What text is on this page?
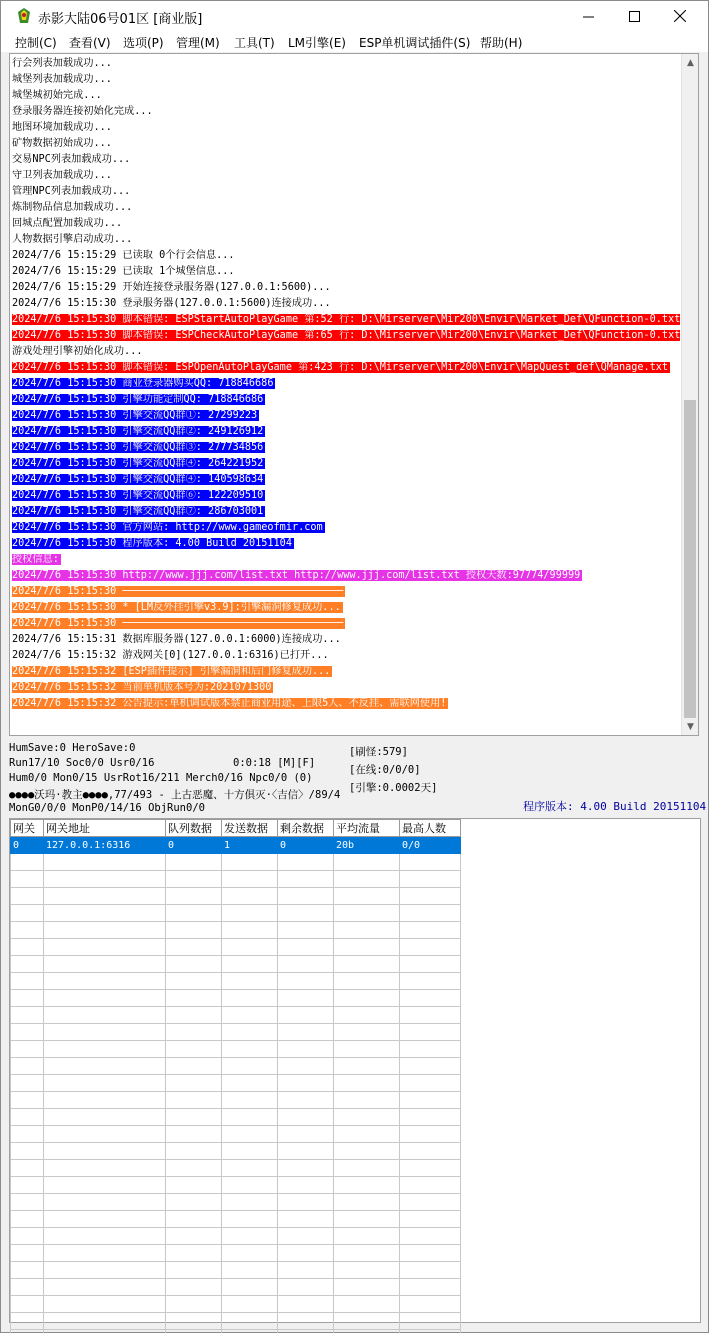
赤影大陆06号01区 [商业版]
控制(C) 查看(V) 选项(P) 管理(M) 工具(T) LM引擎(E) ESP单机调试插件(S) 帮助(H)
行会列表加载成功...
城堡列表加载成功...
城堡城初始完成...
登录服务器连接初始化完成...
地图环境加载成功...
矿物数据初始成功...
交易NPC列表加载成功...
守卫列表加载成功...
管理NPC列表加载成功...
炼制物品信息加载成功...
回城点配置加载成功...
人物数据引擎启动成功...
2024/7/6 15:15:29 已读取 0个行会信息...
2024/7/6 15:15:29 已读取 1个城堡信息...
2024/7/6 15:15:29 开始连接登录服务器(127.0.0.1:5600)...
2024/7/6 15:15:30 登录服务器(127.0.0.1:5600)连接成功...
2024/7/6 15:15:30 脚本错误: ESPStartAutoPlayGame 第:52 行: D:\Mirserver\Mir200\Envir\Market_Def\QFunction-0.txt
2024/7/6 15:15:30 脚本错误: ESPCheckAutoPlayGame 第:65 行: D:\Mirserver\Mir200\Envir\Market_Def\QFunction-0.txt
游戏处理引擎初始化成功...
2024/7/6 15:15:30 脚本错误: ESPOpenAutoPlayGame 第:423 行: D:\Mirserver\Mir200\Envir\MapQuest_def\QManage.txt
2024/7/6 15:15:30 商业登录器购买QQ: 718846686
2024/7/6 15:15:30 引擎功能定制QQ: 718846686
2024/7/6 15:15:30 引擎交流QQ群①: 27299223
2024/7/6 15:15:30 引擎交流QQ群②: 249126912
2024/7/6 15:15:30 引擎交流QQ群③: 277734856
2024/7/6 15:15:30 引擎交流QQ群④: 264221952
2024/7/6 15:15:30 引擎交流QQ群④: 140598634
2024/7/6 15:15:30 引擎交流QQ群⑥: 122209510
2024/7/6 15:15:30 引擎交流QQ群⑦: 286703001
2024/7/6 15:15:30 官方网站: http://www.gameofmir.com
2024/7/6 15:15:30 程序版本: 4.00 Build 20151104
授权信息:
2024/7/6 15:15:30 http://www.jjj.com/list.txt http://www.jjj.com/list.txt 授权天数:97774/99999
2024/7/6 15:15:30 ────────────────────────────────────
2024/7/6 15:15:30 * [LM反外挂引擎v3.9]:引擎漏洞修复成功...
2024/7/6 15:15:30 ────────────────────────────────────
2024/7/6 15:15:31 数据库服务器(127.0.0.1:6000)连接成功...
2024/7/6 15:15:32 游戏网关[0](127.0.0.1:6316)已打开...
2024/7/6 15:15:32 [ESP插件提示] 引擎漏洞和后门修复成功...
2024/7/6 15:15:32 当前单机版本号为:2021071300
2024/7/6 15:15:32 公告提示:单机调试版本禁止商业用途、上限5人、不反挂、需联网使用!
▲
▼
HumSave:0 HeroSave:0
Run17/10 Soc0/0 Usr0/16	0:0:18 [M][F]
Hum0/0 Mon0/15 UsrRot16/211 Merch0/16 Npc0/0 (0)
●●●●沃玛·教主●●●●,77/493 - 上古恶魔、十方俱灭·〈吉信〉/89/4
MonG0/0/0 MonP0/14/16 ObjRun0/0
[刷怪:579]
[在线:0/0/0]
[引擎:0.0002天]
程序版本: 4.00 Build 20151104
网关	网关地址	队列数据	发送数据	剩余数据	平均流量	最高人数
0	127.0.0.1:6316	0	1	0	20b	0/0
